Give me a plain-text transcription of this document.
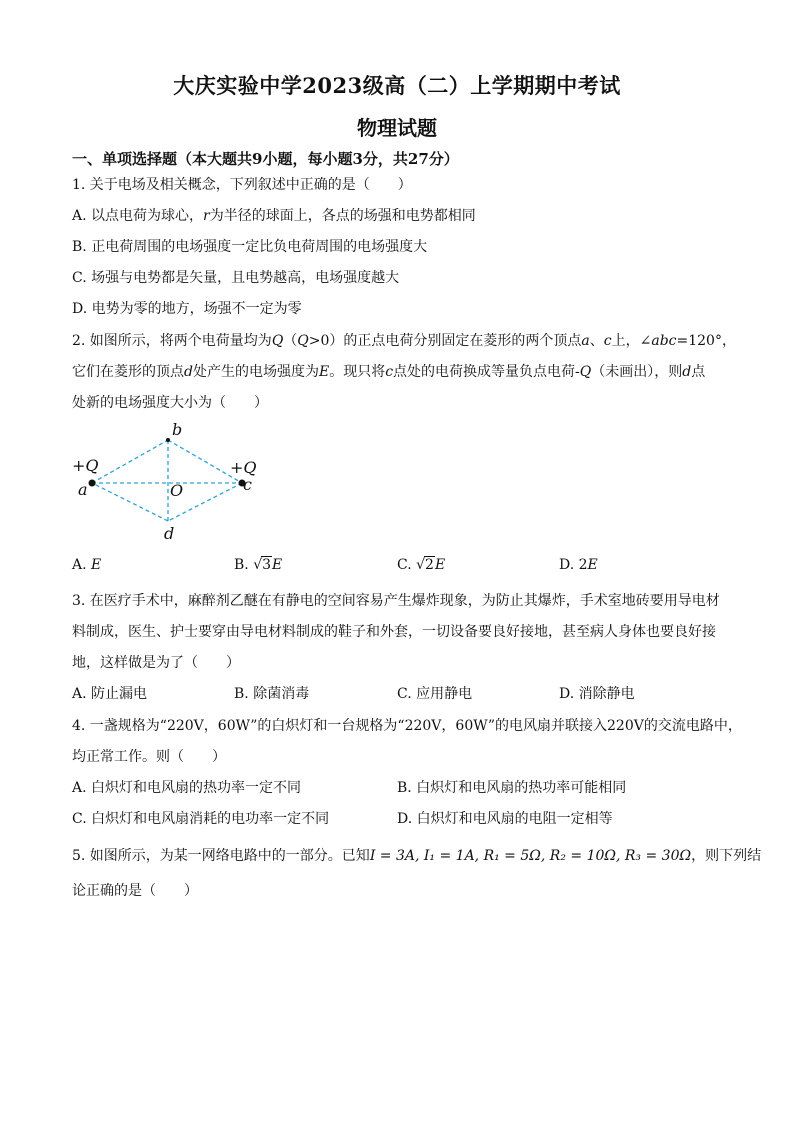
大庆实验中学2023级高（二）上学期期中考试
物理试题
一、单项选择题（本大题共9小题，每小题3分，共27分）
1. 关于电场及相关概念，下列叙述中正确的是（　　）
A. 以点电荷为球心，r为半径的球面上，各点的场强和电势都相同
B. 正电荷周围的电场强度一定比负电荷周围的电场强度大
C. 场强与电势都是矢量，且电势越高，电场强度越大
D. 电势为零的地方，场强不一定为零
2. 如图所示，将两个电荷量均为Q（Q>0）的正点电荷分别固定在菱形的两个顶点a、c上，∠abc=120°，
它们在菱形的顶点d处产生的电场强度为E。现只将c点处的电荷换成等量负点电荷-Q（未画出），则d点
处新的电场强度大小为（　　）
b
a	c
d
O
+Q	+Q
A. E	B. √3E	C. √2E	D. 2E
3. 在医疗手术中，麻醉剂乙醚在有静电的空间容易产生爆炸现象，为防止其爆炸，手术室地砖要用导电材
料制成，医生、护士要穿由导电材料制成的鞋子和外套，一切设备要良好接地，甚至病人身体也要良好接
地，这样做是为了（　　）
A. 防止漏电	B. 除菌消毒	C. 应用静电	D. 消除静电
4. 一盏规格为“220V，60W”的白炽灯和一台规格为“220V，60W”的电风扇并联接入220V的交流电路中，
均正常工作。则（　　）
A. 白炽灯和电风扇的热功率一定不同	B. 白炽灯和电风扇的热功率可能相同
C. 白炽灯和电风扇消耗的电功率一定不同	D. 白炽灯和电风扇的电阻一定相等
5. 如图所示，为某一网络电路中的一部分。已知I = 3A, I₁ = 1A, R₁ = 5Ω, R₂ = 10Ω, R₃ = 30Ω，则下列结
论正确的是（　　）
